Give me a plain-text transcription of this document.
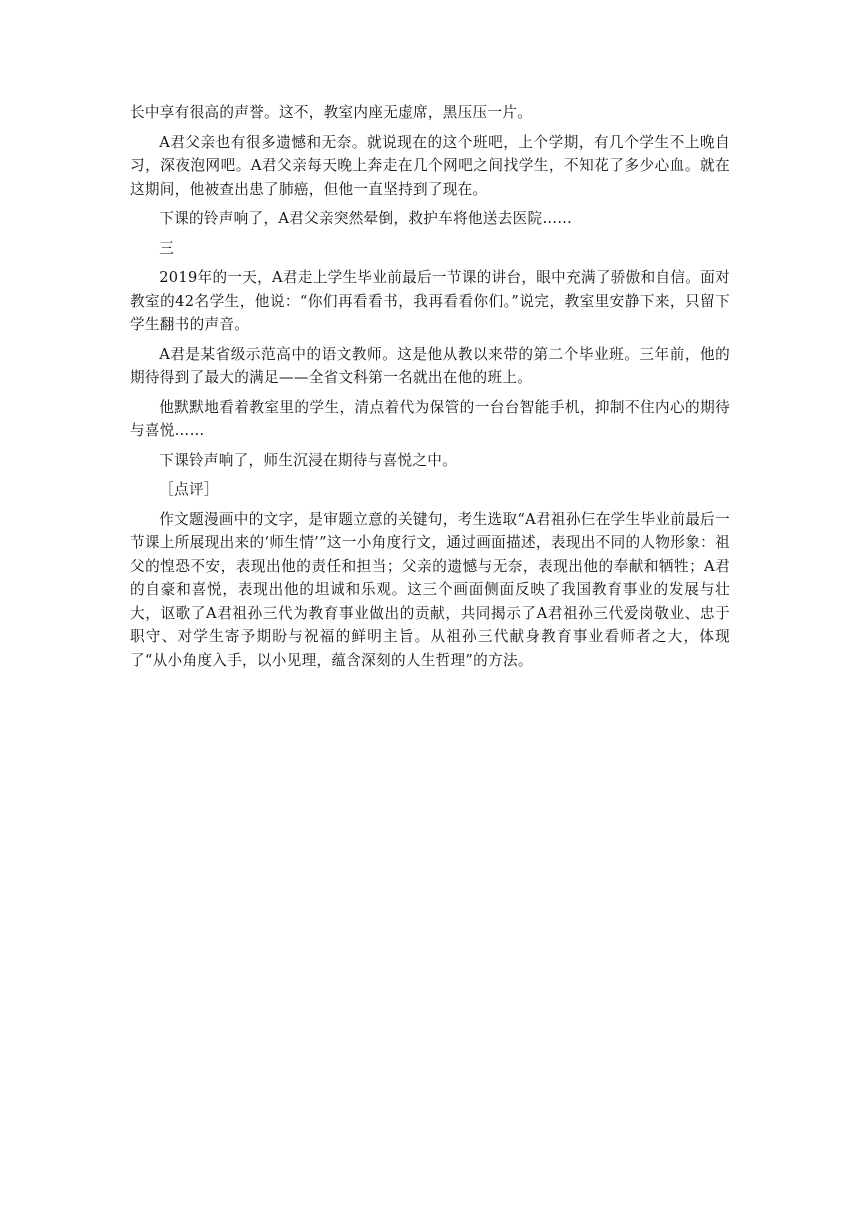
长中享有很高的声誉。这不，教室内座无虚席，黑压压一片。

A君父亲也有很多遗憾和无奈。就说现在的这个班吧，上个学期，有几个学生不上晚自习，深夜泡网吧。A君父亲每天晚上奔走在几个网吧之间找学生，不知花了多少心血。就在这期间，他被查出患了肺癌，但他一直坚持到了现在。

下课的铃声响了，A君父亲突然晕倒，救护车将他送去医院……

三

2019年的一天，A君走上学生毕业前最后一节课的讲台，眼中充满了骄傲和自信。面对教室的42名学生，他说：“你们再看看书，我再看看你们。”说完，教室里安静下来，只留下学生翻书的声音。

A君是某省级示范高中的语文教师。这是他从教以来带的第二个毕业班。三年前，他的期待得到了最大的满足——全省文科第一名就出在他的班上。

他默默地看着教室里的学生，清点着代为保管的一台台智能手机，抑制不住内心的期待与喜悦……

下课铃声响了，师生沉浸在期待与喜悦之中。

［点评］

作文题漫画中的文字，是审题立意的关键句，考生选取“A君祖孙仨在学生毕业前最后一节课上所展现出来的‘师生情’”这一小角度行文，通过画面描述，表现出不同的人物形象：祖父的惶恐不安，表现出他的责任和担当；父亲的遗憾与无奈，表现出他的奉献和牺牲；A君的自豪和喜悦，表现出他的坦诚和乐观。这三个画面侧面反映了我国教育事业的发展与壮大，讴歌了A君祖孙三代为教育事业做出的贡献，共同揭示了A君祖孙三代爱岗敬业、忠于职守、对学生寄予期盼与祝福的鲜明主旨。从祖孙三代献身教育事业看师者之大，体现了“从小角度入手，以小见理，蕴含深刻的人生哲理”的方法。
